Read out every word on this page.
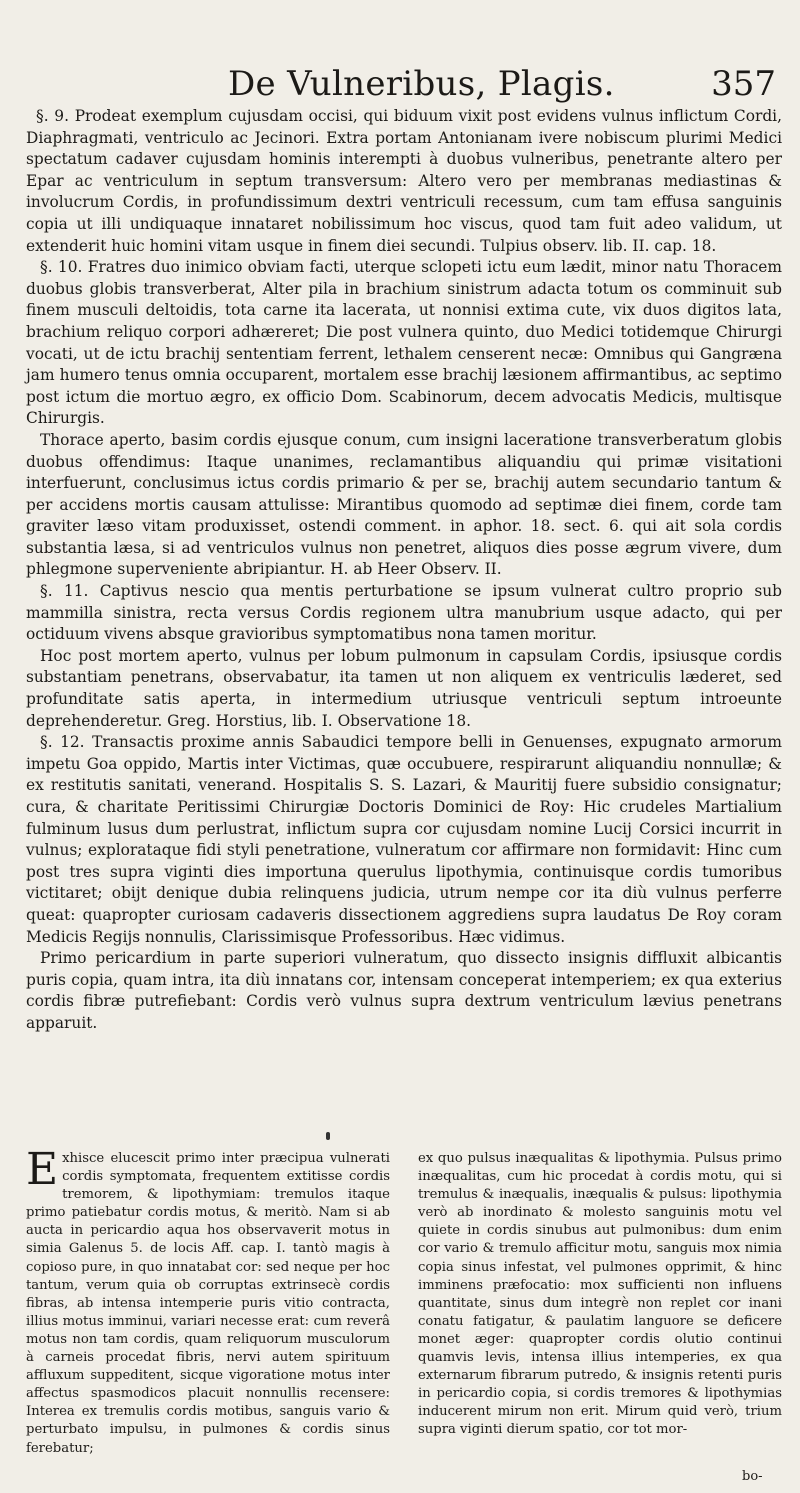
De Vulneribus, Plagis.	357

§. 9. Prodeat exemplum cujusdam occisi, qui biduum vixit post evidens vulnus inflictum Cordi, Diaphragmati, ventriculo ac Jecinori. Extra portam Antonianam ivere nobiscum plurimi Medici spectatum cadaver cujusdam hominis interempti à duobus vulneribus, penetrante altero per Epar ac ventriculum in septum transversum: Altero vero per membranas mediastinas & involucrum Cordis, in profundissimum dextri ventriculi recessum, cum tam effusa sanguinis copia ut illi undiquaque innataret nobilissimum hoc viscus, quod tam fuit adeo validum, ut extenderit huic homini vitam usque in finem diei secundi. Tulpius observ. lib. II. cap. 18.

§. 10. Fratres duo inimico obviam facti, uterque sclopeti ictu eum lædit, minor natu Thoracem duobus globis transverberat, Alter pila in brachium sinistrum adacta totum os comminuit sub finem musculi deltoidis, tota carne ita lacerata, ut nonnisi extima cute, vix duos digitos lata, brachium reliquo corpori adhæreret; Die post vulnera quinto, duo Medici totidemque Chirurgi vocati, ut de ictu brachij sententiam ferrent, lethalem censerent necæ: Omnibus qui Gangræna jam humero tenus omnia occuparent, mortalem esse brachij læsionem affirmantibus, ac septimo post ictum die mortuo ægro, ex officio Dom. Scabinorum, decem advocatis Medicis, multisque Chirurgis.

Thorace aperto, basim cordis ejusque conum, cum insigni laceratione transverberatum globis duobus offendimus: Itaque unanimes, reclamantibus aliquandiu qui primæ visitationi interfuerunt, conclusimus ictus cordis primario & per se, brachij autem secundario tantum & per accidens mortis causam attulisse: Mirantibus quomodo ad septimæ diei finem, corde tam graviter læso vitam produxisset, ostendi comment. in aphor. 18. sect. 6. qui ait sola cordis substantia læsa, si ad ventriculos vulnus non penetret, aliquos dies posse ægrum vivere, dum phlegmone superveniente abripiantur. H. ab Heer Observ. II.

§. 11. Captivus nescio qua mentis perturbatione se ipsum vulnerat cultro proprio sub mammilla sinistra, recta versus Cordis regionem ultra manubrium usque adacto, qui per octiduum vivens absque gravioribus symptomatibus nona tamen moritur.

Hoc post mortem aperto, vulnus per lobum pulmonum in capsulam Cordis, ipsiusque cordis substantiam penetrans, observabatur, ita tamen ut non aliquem ex ventriculis læderet, sed profunditate satis aperta, in intermedium utriusque ventriculi septum introeunte deprehenderetur. Greg. Horstius, lib. I. Observatione 18.

§. 12. Transactis proxime annis Sabaudici tempore belli in Genuenses, expugnato armorum impetu Goa oppido, Martis inter Victimas, quæ occubuere, respirarunt aliquandiu nonnullæ; & ex restitutis sanitati, venerand. Hospitalis S. S. Lazari, & Mauritij fuere subsidio consignatur; cura, & charitate Peritissimi Chirurgiæ Doctoris Dominici de Roy: Hic crudeles Martialium fulminum lusus dum perlustrat, inflictum supra cor cujusdam nomine Lucij Corsici incurrit in vulnus; explorataque fidi styli penetratione, vulneratum cor affirmare non formidavit: Hinc cum post tres supra viginti dies importuna querulus lipothymia, continuisque cordis tumoribus victitaret; obijt denique dubia relinquens judicia, utrum nempe cor ita diù vulnus perferre queat: quapropter curiosam cadaveris dissectionem aggrediens supra laudatus De Roy coram Medicis Regijs nonnulis, Clarissimisque Professoribus. Hæc vidimus.

Primo pericardium in parte superiori vulneratum, quo dissecto insignis diffluxit albicantis puris copia, quam intra, ita diù innatans cor, intensam conceperat intemperiem; ex qua exterius cordis fibræ putrefiebant: Cordis verò vulnus supra dextrum ventriculum lævius penetrans apparuit.

Exhisce elucescit primo inter præcipua vulnerati cordis symptomata, frequentem extitisse cordis tremorem, & lipothymiam: tremulos itaque primo patiebatur cordis motus, & meritò. Nam si ab aucta in pericardio aqua hos observaverit motus in simia Galenus 5. de locis Aff. cap. I. tantò magis à copioso pure, in quo innatabat cor: sed neque per hoc tantum, verum quia ob corruptas extrinsecè cordis fibras, ab intensa intemperie puris vitio contracta, illius motus imminui, variari necesse erat: cum reverâ motus non tam cordis, quam reliquorum musculorum à carneis procedat fibris, nervi autem spirituum affluxum suppeditent, sicque vigoratione motus inter affectus spasmodicos placuit nonnullis recensere: Interea ex tremulis cordis motibus, sanguis vario & perturbato impulsu, in pulmones & cordis sinus ferebatur;
ex quo pulsus inæqualitas & lipothymia. Pulsus primo inæqualitas, cum hic procedat à cordis motu, qui si tremulus & inæqualis, inæqualis & pulsus: lipothymia verò ab inordinato & molesto sanguinis motu vel quiete in cordis sinubus aut pulmonibus: dum enim cor vario & tremulo afficitur motu, sanguis mox nimia copia sinus infestat, vel pulmones opprimit, & hinc imminens præfocatio: mox sufficienti non influens quantitate, sinus dum integrè non replet cor inani conatu fatigatur, & paulatim languore se deficere monet æger: quapropter cordis olutio continui quamvis levis, intensa illius intemperies, ex qua externarum fibrarum putredo, & insignis retenti puris in pericardio copia, si cordis tremores & lipothymias inducerent mirum non erit. Mirum quid verò, trium supra viginti dierum spatio, cor tot mor-
bo-
